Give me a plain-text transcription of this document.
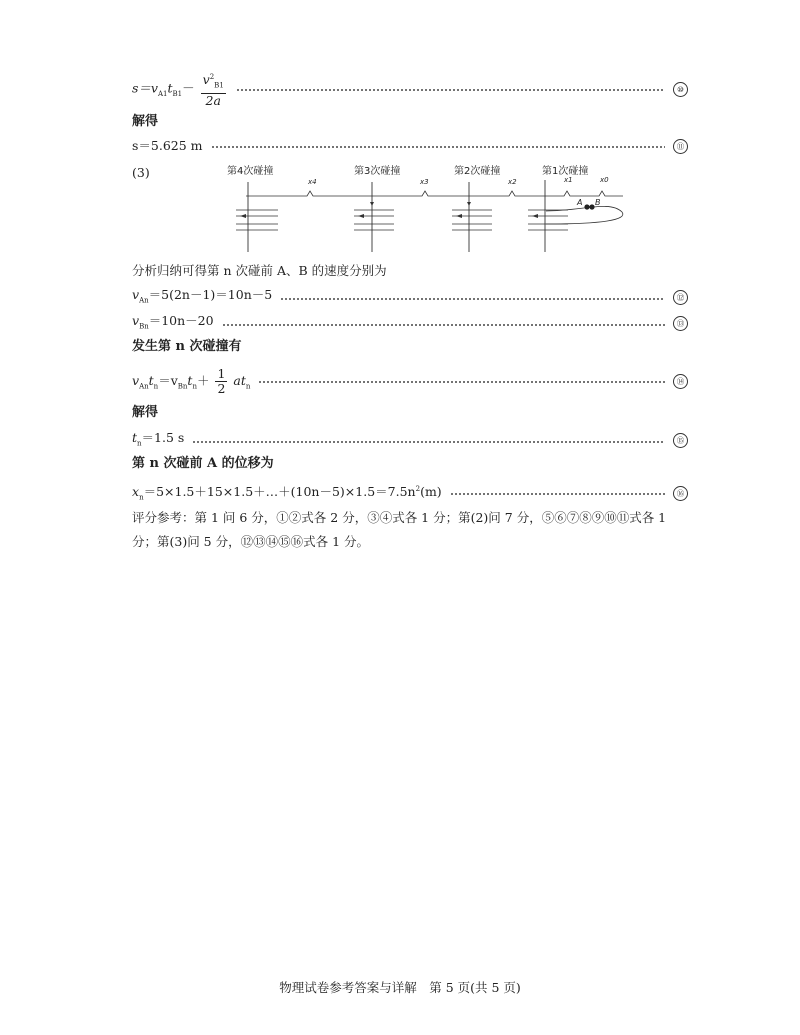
$s=v_{A1}t_{B1}- \frac{v^2_{B1}}{2a}$	⑩
解得
s＝5.625 m	⑪
(3)	第4次碰撞	第3次碰撞	第2次碰撞	第1次碰撞
x4	x3	x2	x1	x0
A B
分析归纳可得第 n 次碰前 A、B 的速度分别为
$v_{An}=5(2n-1)=10n-5$	⑫
$v_{Bn}=10n-20$	⑬
发生第 n 次碰撞有
$v_{An}t_n=v_{Bn}t_n+ \frac{1}{2} at_n$
⑭
解得
$t_n=1.5$ s	⑮
第 n 次碰前 A 的位移为
$x_n=5\times 1.5+15\times 1.5+\dots+(10n-5)\times 1.5=7.5n^2(m)$	⑯
评分参考：第 1 问 6 分，①②式各 2 分，③④式各 1 分；第(2)问 7 分，⑤⑥⑦⑧⑨⑩⑪式各 1 分；第(3)问 5 分，⑫⑬⑭⑮⑯式各 1 分。
物理试卷参考答案与详解　第 5 页(共 5 页)
